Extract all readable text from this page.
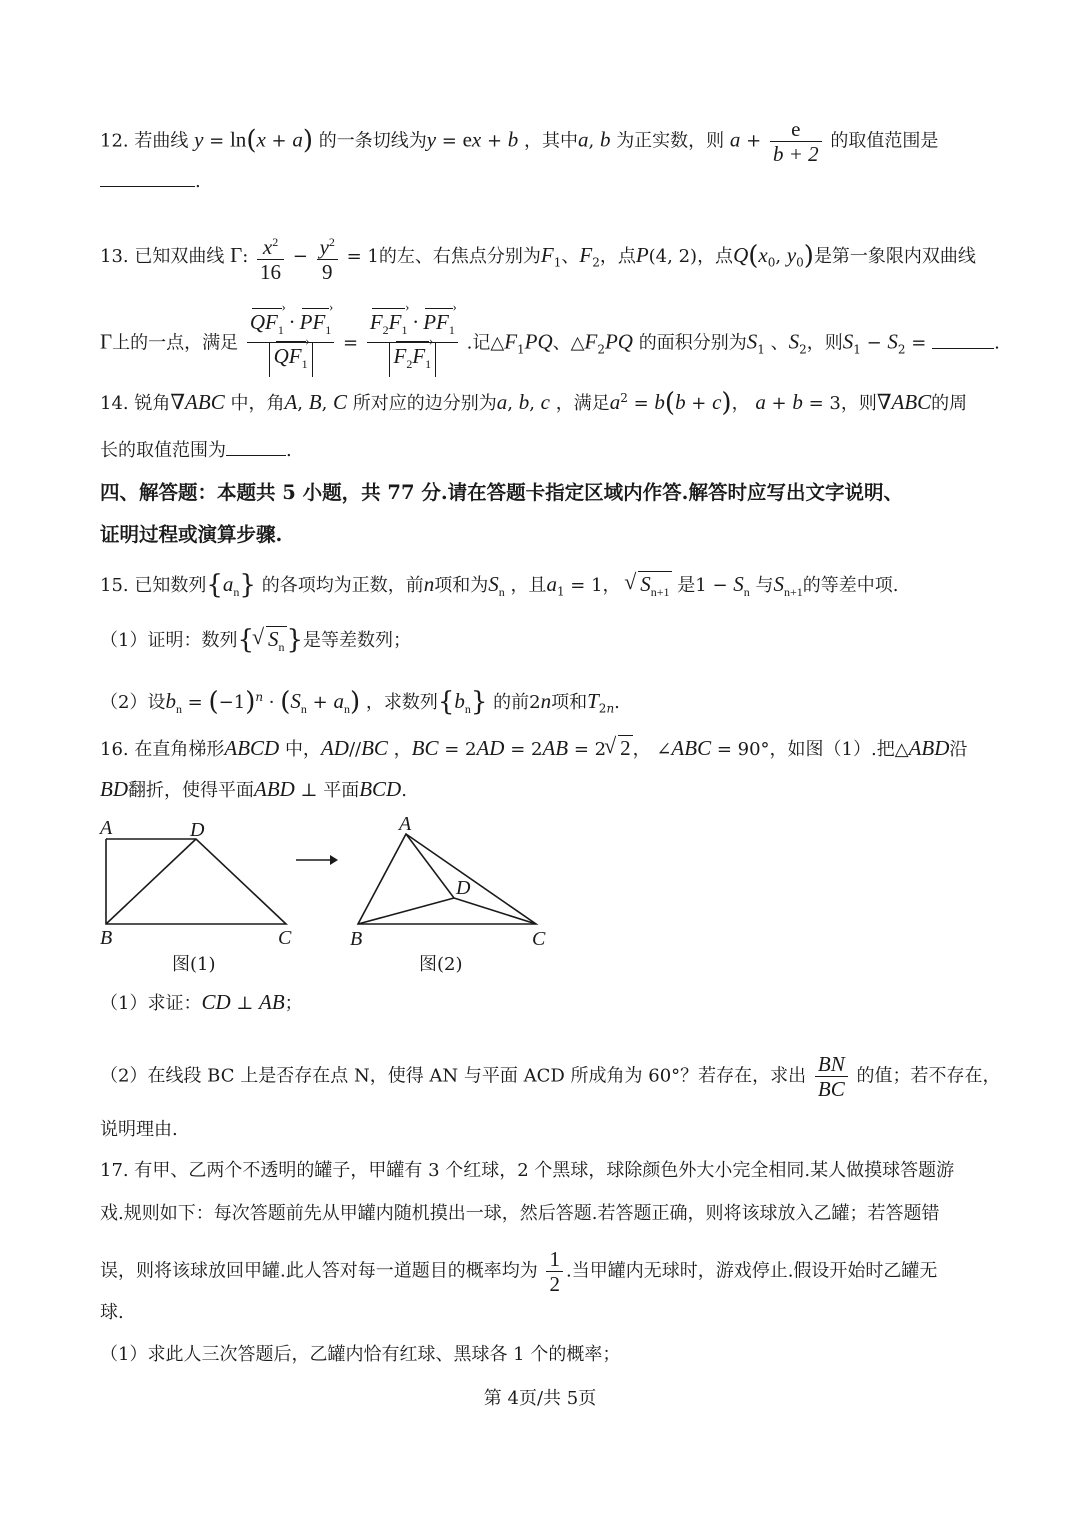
12. 若曲线 y = ln(x + a) 的一条切线为y = ex + b ，其中a, b 为正实数，则 $a + \frac{e}{b + 2}$ 的取值范围是
.
13. 已知双曲线 Γ: $\frac{x^2}{16} - \frac{y^2}{9} = 1$的左、右焦点分别为$F_1$、$F_2$，点P(4, 2)，点$Q(x_0$, $y_0$)是第一象限内双曲线
Γ上的一点，满足 $\frac{QF_1 › \cdot PF_1 ›}{QF_1}$ › = $\frac{F_2F_1 › \cdot PF_1 ›}{F_2F_1}$ › .记$\triangle F_1PQ$、$\triangle F_2PQ$ 的面积分别为$S_1$ 、$S_2$，则$S_1 - S_2$ =	.
14. 锐角∇ABC 中，角A, B, C 所对应的边分别为a, b, c ，满足$a^2 = b(b + c)$， a + b = 3，则∇ABC的周
长的取值范围为	.
四、解答题：本题共 5 小题，共 77 分.请在答题卡指定区域内作答.解答时应写出文字说明、
证明过程或演算步骤.
15. 已知数列$\{a_n\}$ 的各项均为正数，前n项和为$S_n$ ，且$a_1 = 1$， √ $S_{n+1}$ 是$1 - S_n$ 与$S_{n+1}$的等差中项.
（1）证明：数列{ √ $S_n$}是等差数列；
（2）设$b_n = (-1)^n \cdot (S_n + a_n)$ ，求数列$\{b_n\}$ 的前2n项和$T_{2n}$.
16. 在直角梯形ABCD 中，AD//BC ，BC = 2AD = 2AB = 2 √ 2 ， ∠ABC = 90°，如图（1）.把△ABD沿
BD翻折，使得平面ABD ⊥ 平面BCD.
A	D
B	C
图(1)
A
D
B	C
图(2)
（1）求证：CD ⊥ AB；
（2）在线段 BC 上是否存在点 N，使得 AN 与平面 ACD 所成角为 60°？若存在，求出 $\frac{BN}{BC}$ 的值；若不存在，
说明理由.
17. 有甲、乙两个不透明的罐子，甲罐有 3 个红球，2 个黑球，球除颜色外大小完全相同.某人做摸球答题游
戏.规则如下：每次答题前先从甲罐内随机摸出一球，然后答题.若答题正确，则将该球放入乙罐；若答题错
误，则将该球放回甲罐.此人答对每一道题目的概率均为 $\frac{1}{2}$ .当甲罐内无球时，游戏停止.假设开始时乙罐无
球.
（1）求此人三次答题后，乙罐内恰有红球、黑球各 1 个的概率；
第 4页/共 5页
